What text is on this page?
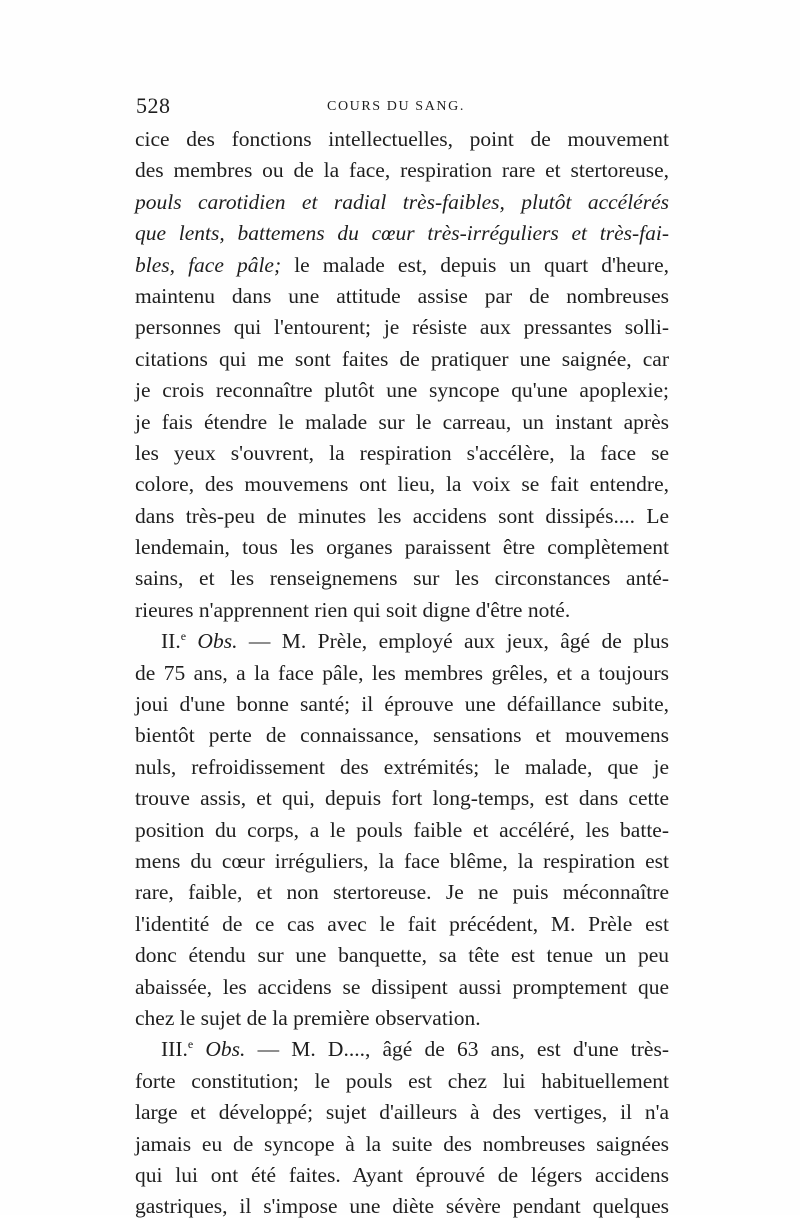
528	COURS DU SANG.
cice des fonctions intellectuelles, point de mouvement
des membres ou de la face, respiration rare et stertoreuse,
pouls carotidien et radial très-faibles, plutôt accélérés
que lents, battemens du cœur très-irréguliers et très-fai-
bles, face pâle; le malade est, depuis un quart d'heure,
maintenu dans une attitude assise par de nombreuses
personnes qui l'entourent; je résiste aux pressantes solli-
citations qui me sont faites de pratiquer une saignée, car
je crois reconnaître plutôt une syncope qu'une apoplexie;
je fais étendre le malade sur le carreau, un instant après
les yeux s'ouvrent, la respiration s'accélère, la face se
colore, des mouvemens ont lieu, la voix se fait entendre,
dans très-peu de minutes les accidens sont dissipés.... Le
lendemain, tous les organes paraissent être complètement
sains, et les renseignemens sur les circonstances anté-
rieures n'apprennent rien qui soit digne d'être noté.
II.$^e$ Obs. — M. Prèle, employé aux jeux, âgé de plus
de 75 ans, a la face pâle, les membres grêles, et a toujours
joui d'une bonne santé; il éprouve une défaillance subite,
bientôt perte de connaissance, sensations et mouvemens
nuls, refroidissement des extrémités; le malade, que je
trouve assis, et qui, depuis fort long-temps, est dans cette
position du corps, a le pouls faible et accéléré, les batte-
mens du cœur irréguliers, la face blême, la respiration est
rare, faible, et non stertoreuse. Je ne puis méconnaître
l'identité de ce cas avec le fait précédent, M. Prèle est
donc étendu sur une banquette, sa tête est tenue un peu
abaissée, les accidens se dissipent aussi promptement que
chez le sujet de la première observation.
III.$^e$ Obs. — M. D...., âgé de 63 ans, est d'une très-
forte constitution; le pouls est chez lui habituellement
large et développé; sujet d'ailleurs à des vertiges, il n'a
jamais eu de syncope à la suite des nombreuses saignées
qui lui ont été faites. Ayant éprouvé de légers accidens
gastriques, il s'impose une diète sévère pendant quelques
